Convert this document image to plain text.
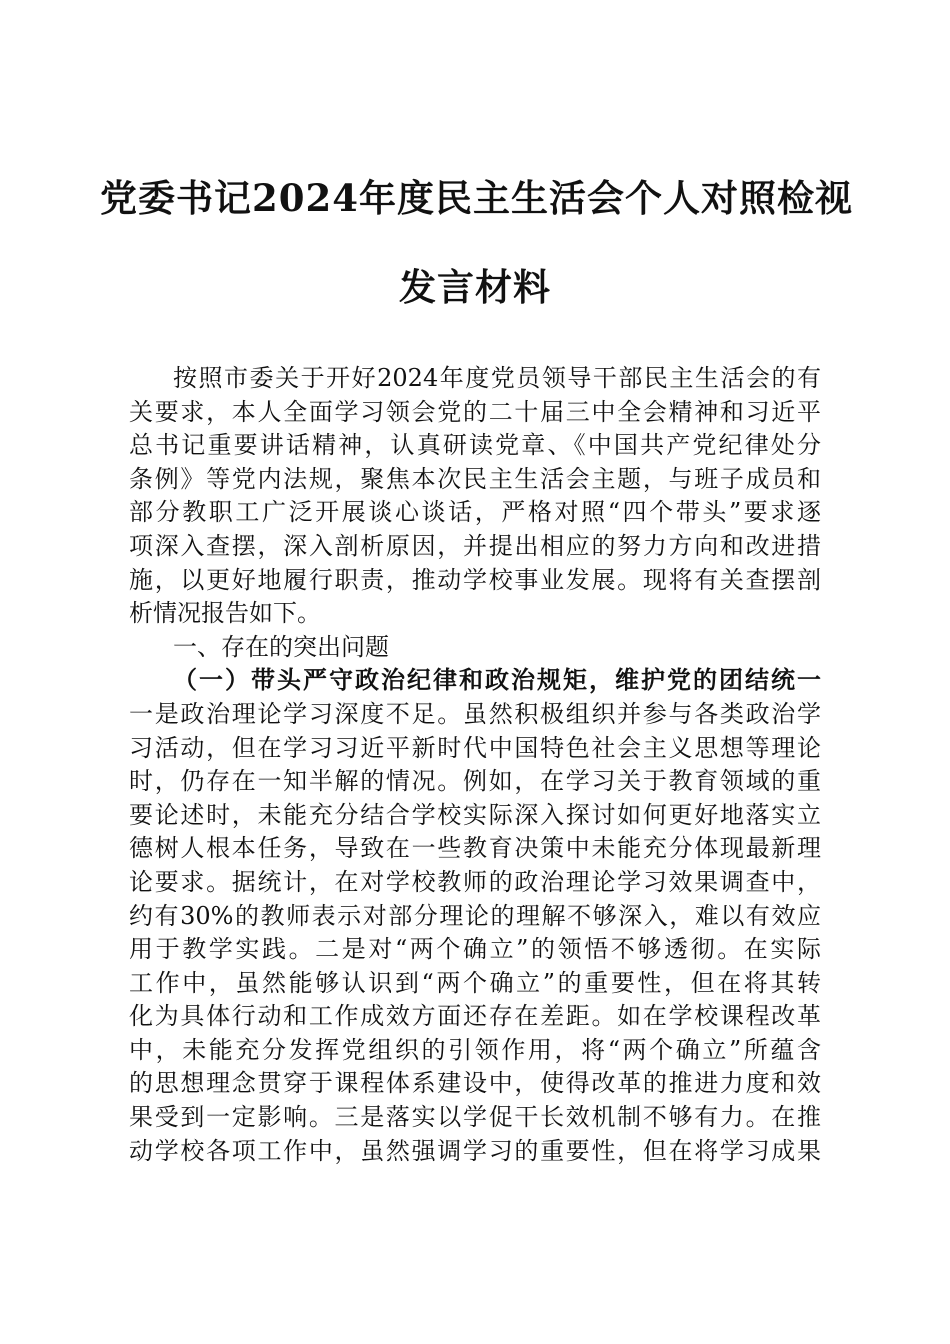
党委书记2024年度民主生活会个人对照检视
发言材料
按照市委关于开好2024年度党员领导干部民主生活会的有
关要求，本人全面学习领会党的二十届三中全会精神和习近平
总书记重要讲话精神，认真研读党章、《中国共产党纪律处分
条例》等党内法规，聚焦本次民主生活会主题，与班子成员和
部分教职工广泛开展谈心谈话，严格对照“四个带头”要求逐
项深入查摆，深入剖析原因，并提出相应的努力方向和改进措
施，以更好地履行职责，推动学校事业发展。现将有关查摆剖
析情况报告如下。
一、存在的突出问题
（一）带头严守政治纪律和政治规矩，维护党的团结统一
一是政治理论学习深度不足。虽然积极组织并参与各类政治学
习活动，但在学习习近平新时代中国特色社会主义思想等理论
时，仍存在一知半解的情况。例如，在学习关于教育领域的重
要论述时，未能充分结合学校实际深入探讨如何更好地落实立
德树人根本任务，导致在一些教育决策中未能充分体现最新理
论要求。据统计，在对学校教师的政治理论学习效果调查中，
约有30%的教师表示对部分理论的理解不够深入，难以有效应
用于教学实践。二是对“两个确立”的领悟不够透彻。在实际
工作中，虽然能够认识到“两个确立”的重要性，但在将其转
化为具体行动和工作成效方面还存在差距。如在学校课程改革
中，未能充分发挥党组织的引领作用，将“两个确立”所蕴含
的思想理念贯穿于课程体系建设中，使得改革的推进力度和效
果受到一定影响。三是落实以学促干长效机制不够有力。在推
动学校各项工作中，虽然强调学习的重要性，但在将学习成果
